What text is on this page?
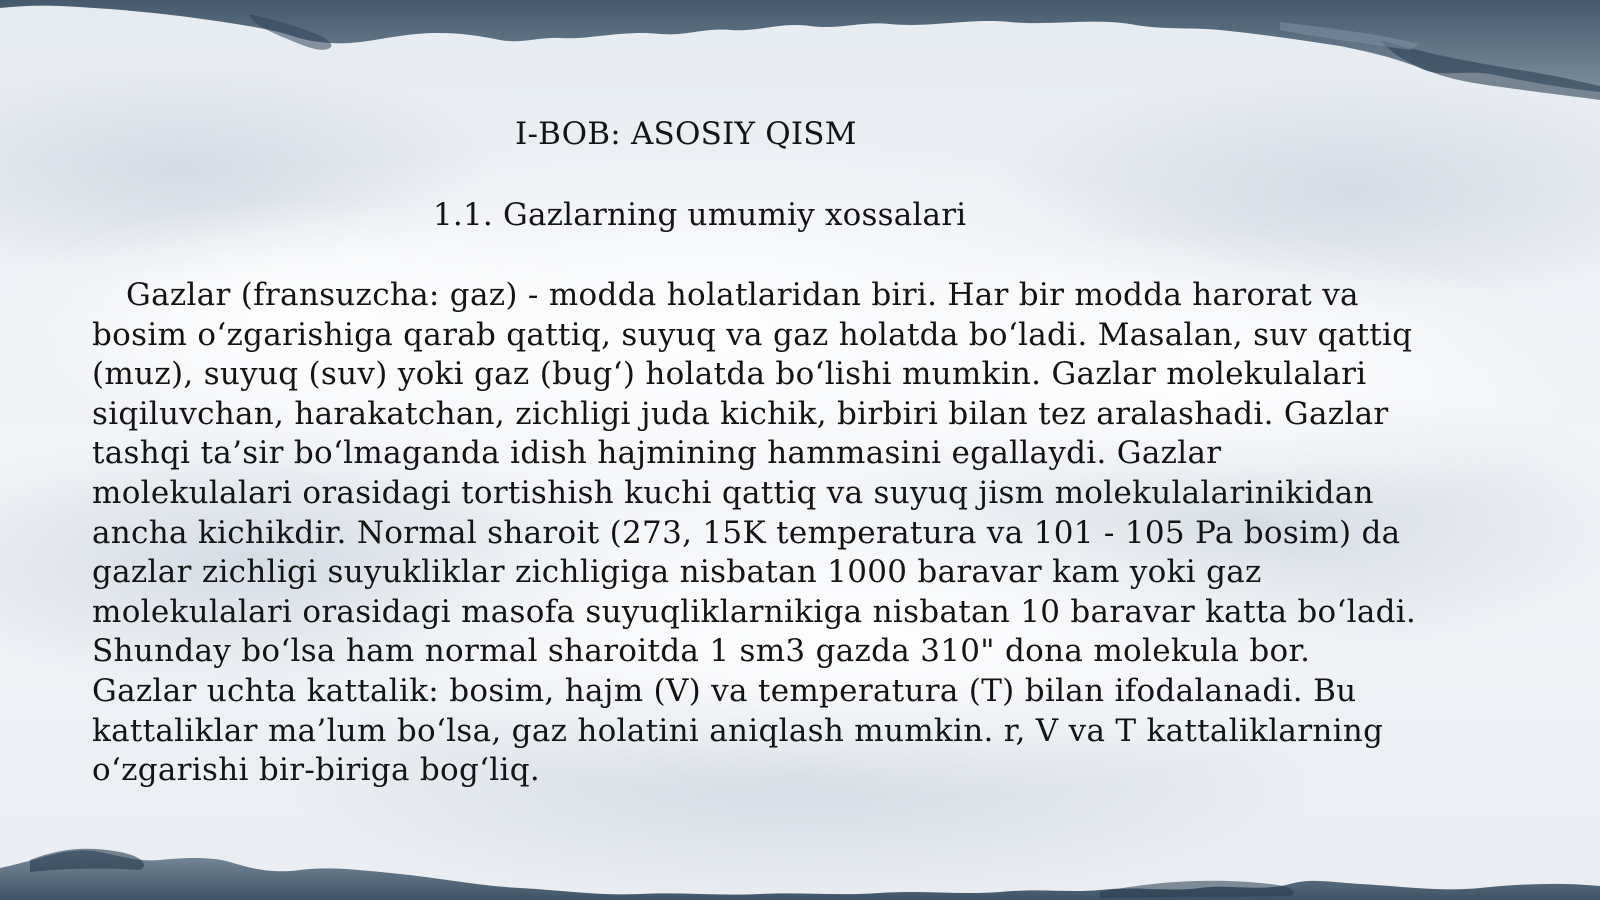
I-BOB: ASOSIY QISM
1.1. Gazlarning umumiy xossalari

Gazlar (fransuzcha: gaz) - modda holatlaridan biri. Har bir modda harorat va
bosim o‘zgarishiga qarab qattiq, suyuq va gaz holatda bo‘ladi. Masalan, suv qattiq
(muz), suyuq (suv) yoki gaz (bug‘) holatda bo‘lishi mumkin. Gazlar molekulalari
siqiluvchan, harakatchan, zichligi juda kichik, birbiri bilan tez aralashadi. Gazlar
tashqi ta’sir bo‘lmaganda idish hajmining hammasini egallaydi. Gazlar
molekulalari orasidagi tortishish kuchi qattiq va suyuq jism molekulalarinikidan
ancha kichikdir. Normal sharoit (273, 15K temperatura va 101 - 105 Pa bosim) da
gazlar zichligi suyukliklar zichligiga nisbatan 1000 baravar kam yoki gaz
molekulalari orasidagi masofa suyuqliklarnikiga nisbatan 10 baravar katta bo‘ladi.
Shunday bo‘lsa ham normal sharoitda 1 sm3 gazda 310" dona molekula bor.
Gazlar uchta kattalik: bosim, hajm (V) va temperatura (T) bilan ifodalanadi. Bu
kattaliklar ma’lum bo‘lsa, gaz holatini aniqlash mumkin. r, V va T kattaliklarning
o‘zgarishi bir-biriga bog‘liq.
